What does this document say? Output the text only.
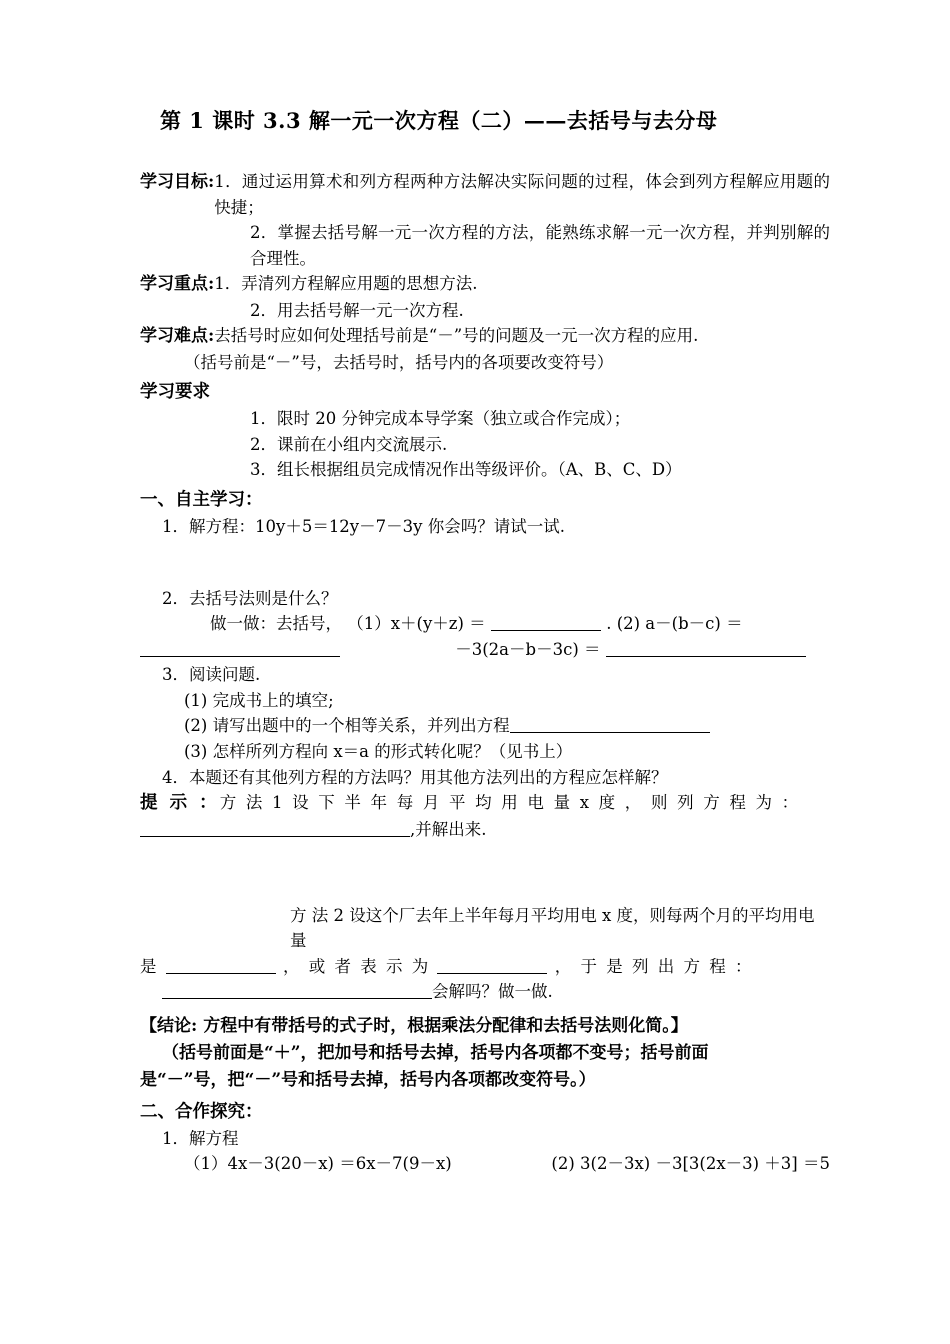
第 1 课时 3.3 解一元一次方程（二）——去括号与去分母
学习目标: 1．通过运用算术和列方程两种方法解决实际问题的过程，体会到列方程解应用题的快捷；
2．掌握去括号解一元一次方程的方法，能熟练求解一元一次方程，并判别解的合理性。
学习重点: 1．弄清列方程解应用题的思想方法.
2．用去括号解一元一次方程.
学习难点: 去括号时应如何处理括号前是“－”号的问题及一元一次方程的应用.
（括号前是“－”号，去括号时，括号内的各项要改变符号）
学习要求
1．限时 20 分钟完成本导学案（独立或合作完成）；
2．课前在小组内交流展示.
3．组长根据组员完成情况作出等级评价。（A、B、C、D）
一、自主学习：
1．解方程：10y＋5＝12y－7－3y 你会吗？请试一试.
2．去括号法则是什么？
做一做：去括号， （1）x＋(y＋z) ＝	. (2) a－(b－c) ＝
－3(2a－b－3c) ＝
3．阅读问题.
(1) 完成书上的填空;
(2) 请写出题中的一个相等关系，并列出方程
(3) 怎样所列方程向 x＝a 的形式转化呢？（见书上）
4．本题还有其他列方程的方法吗？用其他方法列出的方程应怎样解？
提 示 ： 方 法 1 设 下 半 年 每 月 平 均 用 电 量 x 度 ， 则 列 方 程 为 ：
,并解出来.
方 法 2 设这个厂去年上半年每月平均用电 x 度，则每两个月的平均用电量
是	， 或 者 表 示 为	， 于 是 列 出 方 程 ：
会解吗？做一做.
【结论: 方程中有带括号的式子时，根据乘法分配律和去括号法则化简。】
（括号前面是“＋”，把加号和括号去掉，括号内各项都不变号；括号前面
是“－”号，把“－”号和括号去掉，括号内各项都改变符号。）
二、合作探究：
1．解方程
（1）4x－3(20－x) ＝6x－7(9－x)	(2) 3(2－3x) －3[3(2x－3) ＋3] ＝5
